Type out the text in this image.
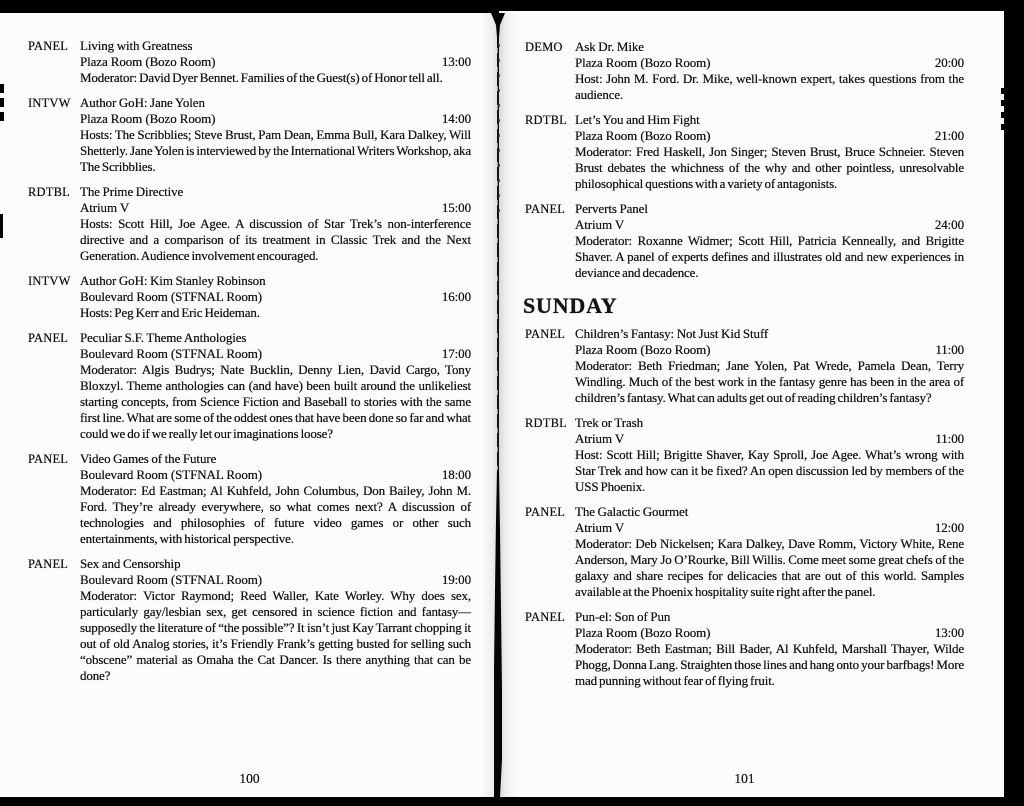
PANEL Living with Greatness
Plaza Room (Bozo Room)	13:00
Moderator: David Dyer Bennet. Families of the Guest(s) of Honor tell all.
INTVW Author GoH: Jane Yolen
Plaza Room (Bozo Room)	14:00
Hosts: The Scribblies; Steve Brust, Pam Dean, Emma Bull, Kara Dalkey, Will Shetterly. Jane Yolen is interviewed by the International Writers Workshop, aka The Scribblies.
RDTBL The Prime Directive
Atrium V	15:00
Hosts: Scott Hill, Joe Agee. A discussion of Star Trek’s non-interference directive and a comparison of its treatment in Classic Trek and the Next Generation. Audience involvement encouraged.
INTVW Author GoH: Kim Stanley Robinson
Boulevard Room (STFNAL Room)	16:00
Hosts: Peg Kerr and Eric Heideman.
PANEL Peculiar S.F. Theme Anthologies
Boulevard Room (STFNAL Room)	17:00
Moderator: Algis Budrys; Nate Bucklin, Denny Lien, David Cargo, Tony Bloxzyl. Theme anthologies can (and have) been built around the unlikeliest starting concepts, from Science Fiction and Baseball to stories with the same first line. What are some of the oddest ones that have been done so far and what could we do if we really let our imaginations loose?
PANEL Video Games of the Future
Boulevard Room (STFNAL Room)	18:00
Moderator: Ed Eastman; Al Kuhfeld, John Columbus, Don Bailey, John M. Ford. They’re already everywhere, so what comes next? A discussion of technologies and philosophies of future video games or other such entertainments, with historical perspective.
PANEL Sex and Censorship
Boulevard Room (STFNAL Room)	19:00
Moderator: Victor Raymond; Reed Waller, Kate Worley. Why does sex, particularly gay/lesbian sex, get censored in science fiction and fantasy—supposedly the literature of “the possible”? It isn’t just Kay Tarrant chopping it out of old Analog stories, it’s Friendly Frank’s getting busted for selling such “obscene” material as Omaha the Cat Dancer. Is there anything that can be done?
100
DEMO Ask Dr. Mike
Plaza Room (Bozo Room)	20:00
Host: John M. Ford. Dr. Mike, well-known expert, takes questions from the audience.
RDTBL Let’s You and Him Fight
Plaza Room (Bozo Room)	21:00
Moderator: Fred Haskell, Jon Singer; Steven Brust, Bruce Schneier. Steven Brust debates the whichness of the why and other pointless, unresolvable philosophical questions with a variety of antagonists.
PANEL Perverts Panel
Atrium V	24:00
Moderator: Roxanne Widmer; Scott Hill, Patricia Kenneally, and Brigitte Shaver. A panel of experts defines and illustrates old and new experiences in deviance and decadence.
SUNDAY
PANEL Children’s Fantasy: Not Just Kid Stuff
Plaza Room (Bozo Room)	11:00
Moderator: Beth Friedman; Jane Yolen, Pat Wrede, Pamela Dean, Terry Windling. Much of the best work in the fantasy genre has been in the area of children’s fantasy. What can adults get out of reading children’s fantasy?
RDTBL Trek or Trash
Atrium V	11:00
Host: Scott Hill; Brigitte Shaver, Kay Sproll, Joe Agee. What’s wrong with Star Trek and how can it be fixed? An open discussion led by members of the USS Phoenix.
PANEL The Galactic Gourmet
Atrium V	12:00
Moderator: Deb Nickelsen; Kara Dalkey, Dave Romm, Victory White, Rene Anderson, Mary Jo O’Rourke, Bill Willis. Come meet some great chefs of the galaxy and share recipes for delicacies that are out of this world. Samples available at the Phoenix hospitality suite right after the panel.
PANEL Pun-el: Son of Pun
Plaza Room (Bozo Room)	13:00
Moderator: Beth Eastman; Bill Bader, Al Kuhfeld, Marshall Thayer, Wilde Phogg, Donna Lang. Straighten those lines and hang onto your barfbags! More mad punning without fear of flying fruit.
101
